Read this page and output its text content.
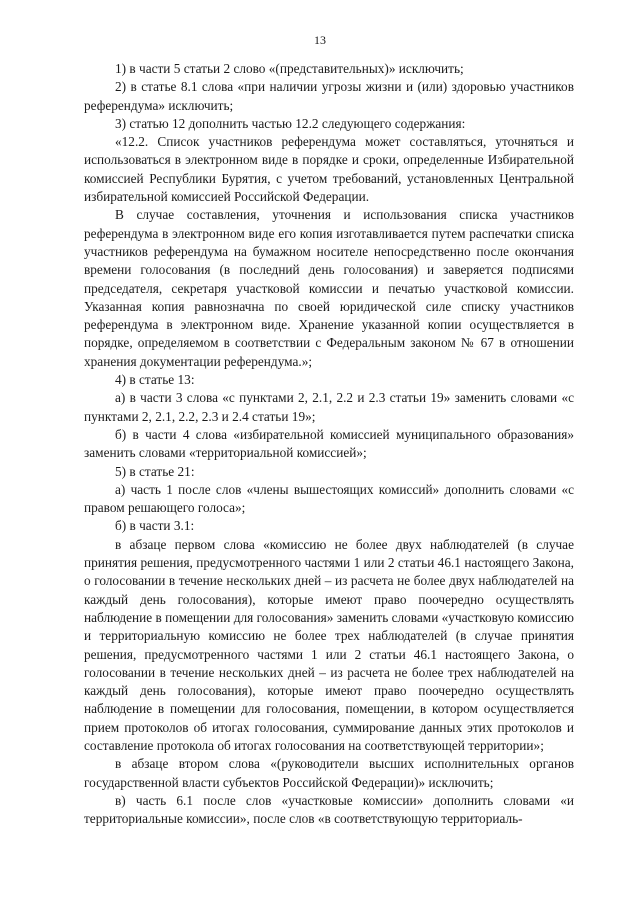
13

1) в части 5 статьи 2 слово «(представительных)» исключить;

2) в статье 8.1 слова «при наличии угрозы жизни и (или) здоровью участников референдума» исключить;

3) статью 12 дополнить частью 12.2 следующего содержания:

«12.2. Список участников референдума может составляться, уточняться и использоваться в электронном виде в порядке и сроки, определенные Избирательной комиссией Республики Бурятия, с учетом требований, установленных Центральной избирательной комиссией Российской Федерации.

В случае составления, уточнения и использования списка участников референдума в электронном виде его копия изготавливается путем распечатки списка участников референдума на бумажном носителе непосредственно после окончания времени голосования (в последний день голосования) и заверяется подписями председателя, секретаря участковой комиссии и печатью участковой комиссии. Указанная копия равнозначна по своей юридической силе списку участников референдума в электронном виде. Хранение указанной копии осуществляется в порядке, определяемом в соответствии с Федеральным законом № 67 в отношении хранения документации референдума.»;

4) в статье 13:

а) в части 3 слова «с пунктами 2, 2.1, 2.2 и 2.3 статьи 19» заменить словами «с пунктами 2, 2.1, 2.2, 2.3 и 2.4 статьи 19»;

б) в части 4 слова «избирательной комиссией муниципального образования» заменить словами «территориальной комиссией»;

5) в статье 21:

а) часть 1 после слов «члены вышестоящих комиссий» дополнить словами «с правом решающего голоса»;

б) в части 3.1:

в абзаце первом слова «комиссию не более двух наблюдателей (в случае принятия решения, предусмотренного частями 1 или 2 статьи 46.1 настоящего Закона, о голосовании в течение нескольких дней – из расчета не более двух наблюдателей на каждый день голосования), которые имеют право поочередно осуществлять наблюдение в помещении для голосования» заменить словами «участковую комиссию и территориальную комиссию не более трех наблюдателей (в случае принятия решения, предусмотренного частями 1 или 2 статьи 46.1 настоящего Закона, о голосовании в течение нескольких дней – из расчета не более трех наблюдателей на каждый день голосования), которые имеют право поочередно осуществлять наблюдение в помещении для голосования, помещении, в котором осуществляется прием протоколов об итогах голосования, суммирование данных этих протоколов и составление протокола об итогах голосования на соответствующей территории»;

в абзаце втором слова «(руководители высших исполнительных органов государственной власти субъектов Российской Федерации)» исключить;

в) часть 6.1 после слов «участковые комиссии» дополнить словами «и территориальные комиссии», после слов «в соответствующую территориаль-
